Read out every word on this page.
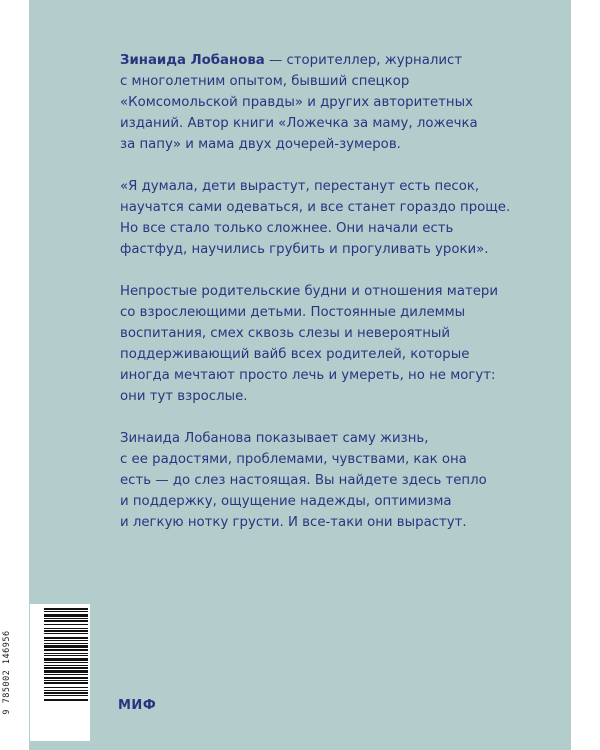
Зинаида Лобанова — сторителлер, журналист
с многолетним опытом, бывший спецкор
«Комсомольской правды» и других авторитетных
изданий. Автор книги «Ложечка за маму, ложечка
за папу» и мама двух дочерей-зумеров.

«Я думала, дети вырастут, перестанут есть песок,
научатся сами одеваться, и все станет гораздо проще.
Но все стало только сложнее. Они начали есть
фастфуд, научились грубить и прогуливать уроки».

Непростые родительские будни и отношения матери
со взрослеющими детьми. Постоянные дилеммы
воспитания, смех сквозь слезы и невероятный
поддерживающий вайб всех родителей, которые
иногда мечтают просто лечь и умереть, но не могут:
они тут взрослые.

Зинаида Лобанова показывает саму жизнь,
с ее радостями, проблемами, чувствами, как она
есть — до слез настоящая. Вы найдете здесь тепло
и поддержку, ощущение надежды, оптимизма
и легкую нотку грусти. И все-таки они вырастут.

9 785002 146956	МИФ
